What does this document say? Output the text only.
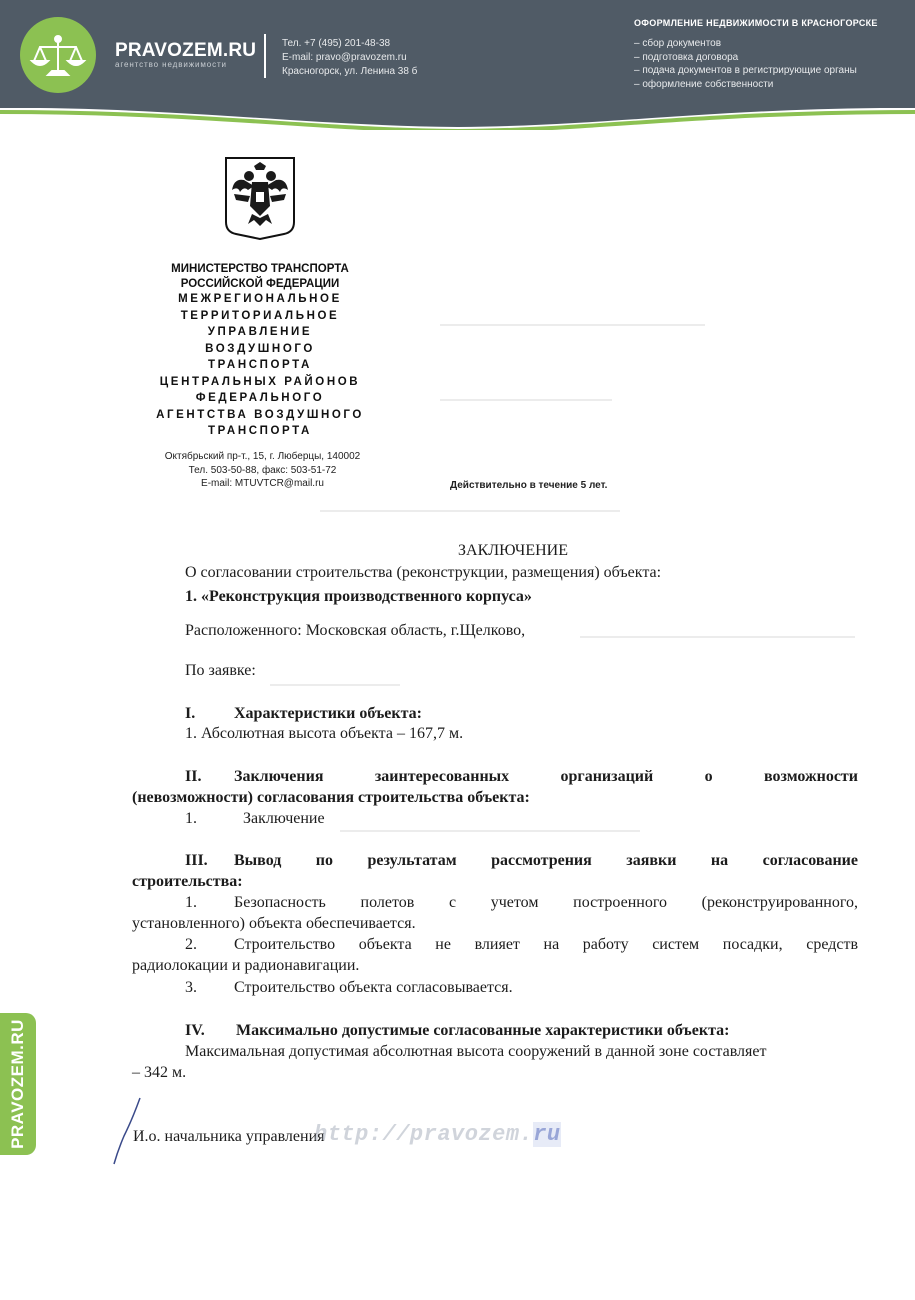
PRAVOZEM.RU
агентство недвижимости
Тел. +7 (495) 201-48-38
E-mail: pravo@pravozem.ru
Красногорск, ул. Ленина 38 б
ОФОРМЛЕНИЕ НЕДВИЖИМОСТИ В КРАСНОГОРСКЕ
– сбор документов
– подготовка договора
– подача документов в регистрирующие органы
– оформление собственности
PRAVOZEM.RU
МИНИСТЕРСТВО ТРАНСПОРТА
РОССИЙСКОЙ ФЕДЕРАЦИИ
МЕЖРЕГИОНАЛЬНОЕ
ТЕРРИТОРИАЛЬНОЕ
УПРАВЛЕНИЕ
ВОЗДУШНОГО
ТРАНСПОРТА
ЦЕНТРАЛЬНЫХ РАЙОНОВ
ФЕДЕРАЛЬНОГО
АГЕНТСТВА ВОЗДУШНОГО
ТРАНСПОРТА
Октябрьский пр-т., 15, г. Люберцы, 140002
Тел. 503-50-88, факс: 503-51-72
E-mail: MTUVTCR@mail.ru	Действительно в течение 5 лет.
ЗАКЛЮЧЕНИЕ
О согласовании строительства (реконструкции, размещения) объекта:
1. «Реконструкция производственного корпуса»
Расположенного: Московская область, г.Щелково,
По заявке:
I. Характеристики объекта:
1. Абсолютная высота объекта – 167,7 м.
II. Заключения заинтересованных организаций о возможности
(невозможности) согласования строительства объекта:
1.	Заключение
III. Вывод по результатам рассмотрения заявки на согласование
строительства:
1. Безопасность полетов с учетом построенного (реконструированного,
установленного) объекта обеспечивается.
2. Строительство объекта не влияет на работу систем посадки, средств
радиолокации и радионавигации.
3. Строительство объекта согласовывается.
IV. Максимально допустимые согласованные характеристики объекта:
Максимальная допустимая абсолютная высота сооружений в данной зоне составляет
– 342 м.
И.о. начальника управления
http://pravozem.ru
